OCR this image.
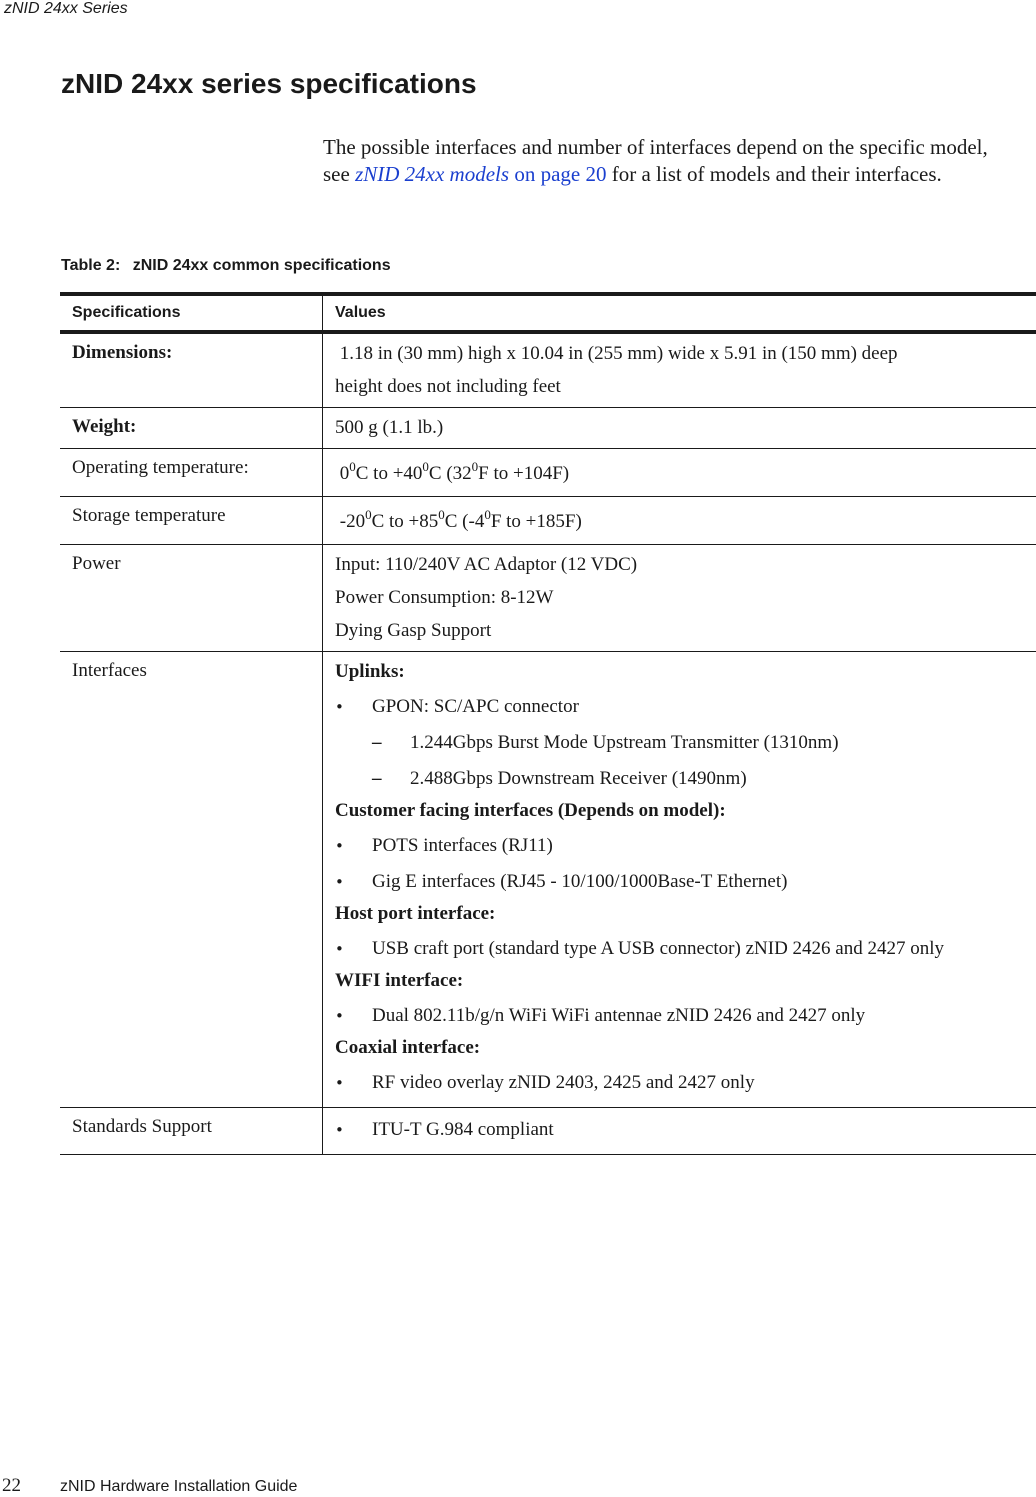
zNID 24xx Series
zNID 24xx series specifications

The possible interfaces and number of interfaces depend on the specific model, see zNID 24xx models on page 20 for a list of models and their interfaces.

Table 2: zNID 24xx common specifications
Specifications	Values
Dimensions:	1.18 in (30 mm) high x 10.04 in (255 mm) wide x 5.91 in (150 mm) deep
height does not including feet
Weight:	500 g (1.1 lb.)
Operating temperature:	$0^0C$ to $+40^0C$ ($32^0F$ to +104F)
Storage temperature	$-20^0C$ to $+85^0C$ ($-4^0F$ to +185F)
Power	Input: 110/240V AC Adaptor (12 VDC)
Power Consumption: 8-12W
Dying Gasp Support
Interfaces	Uplinks:
•	GPON: SC/APC connector
–	1.244Gbps Burst Mode Upstream Transmitter (1310nm)
–	2.488Gbps Downstream Receiver (1490nm)
Customer facing interfaces (Depends on model):
•	POTS interfaces (RJ11)
•	Gig E interfaces (RJ45 - 10/100/1000Base-T Ethernet)
Host port interface:
•	USB craft port (standard type A USB connector) zNID 2426 and 2427 only
WIFI interface:
•	Dual 802.11b/g/n WiFi WiFi antennae zNID 2426 and 2427 only
Coaxial interface:
•	RF video overlay zNID 2403, 2425 and 2427 only
Standards Support	•	ITU-T G.984 compliant
22 zNID Hardware Installation Guide
